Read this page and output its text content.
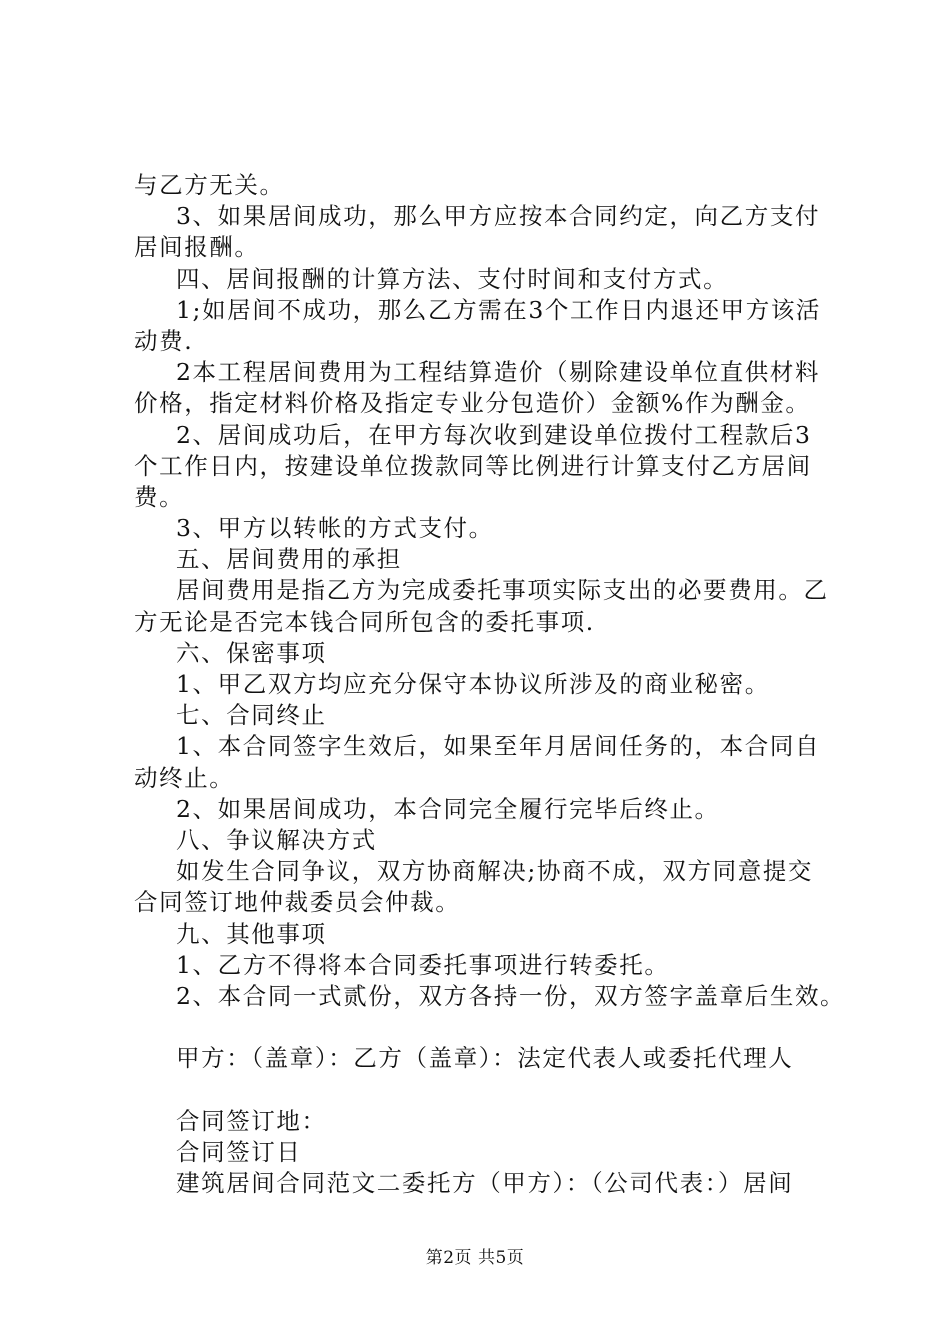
与乙方无关。
3、如果居间成功，那么甲方应按本合同约定，向乙方支付
居间报酬。
四、居间报酬的计算方法、支付时间和支付方式。
1;如居间不成功，那么乙方需在3个工作日内退还甲方该活
动费.
2本工程居间费用为工程结算造价（剔除建设单位直供材料
价格，指定材料价格及指定专业分包造价）金额%作为酬金。
2、居间成功后，在甲方每次收到建设单位拨付工程款后3
个工作日内，按建设单位拨款同等比例进行计算支付乙方居间
费。
3、甲方以转帐的方式支付。
五、居间费用的承担
居间费用是指乙方为完成委托事项实际支出的必要费用。乙
方无论是否完本钱合同所包含的委托事项.
六、保密事项
1、甲乙双方均应充分保守本协议所涉及的商业秘密。
七、合同终止
1、本合同签字生效后，如果至年月居间任务的，本合同自
动终止。
2、如果居间成功，本合同完全履行完毕后终止。
八、争议解决方式
如发生合同争议，双方协商解决;协商不成，双方同意提交
合同签订地仲裁委员会仲裁。
九、其他事项
1、乙方不得将本合同委托事项进行转委托。
2、本合同一式贰份，双方各持一份，双方签字盖章后生效。
甲方：（盖章）：乙方（盖章）：法定代表人或委托代理人
合同签订地：
合同签订日
建筑居间合同范文二委托方（甲方）：（公司代表：）居间
第2页 共5页
